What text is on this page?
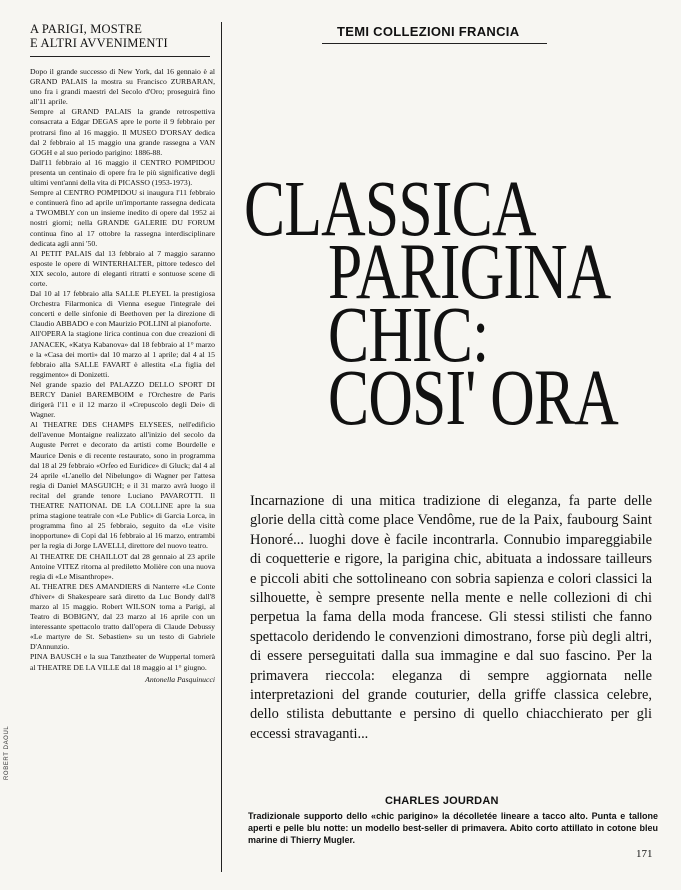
A PARIGI, MOSTRE
E ALTRI AVVENIMENTI

Dopo il grande successo di New York, dal 16 gennaio è al GRAND PALAIS la mostra su Francisco ZURBARAN, uno fra i grandi maestri del Secolo d'Oro; proseguirà fino all'11 aprile.

Sempre al GRAND PALAIS la grande retrospettiva consacrata a Edgar DEGAS apre le porte il 9 febbraio per protrarsi fino al 16 maggio. Il MUSEO D'ORSAY dedica dal 2 febbraio al 15 maggio una grande rassegna a VAN GOGH e al suo periodo parigino: 1886-88.

Dall'11 febbraio al 16 maggio il CENTRO POMPIDOU presenta un centinaio di opere fra le più significative degli ultimi vent'anni della vita di PICASSO (1953-1973).

Sempre al CENTRO POMPIDOU si inaugura l'11 febbraio e continuerà fino ad aprile un'importante rassegna dedicata a TWOMBLY con un insieme inedito di opere dal 1952 ai nostri giorni; nella GRANDE GALERIE DU FORUM continua fino al 17 ottobre la rassegna interdisciplinare dedicata agli anni '50.

Al PETIT PALAIS dal 13 febbraio al 7 maggio saranno esposte le opere di WINTERHALTER, pittore tedesco del XIX secolo, autore di eleganti ritratti e sontuose scene di corte.

Dal 10 al 17 febbraio alla SALLE PLEYEL la prestigiosa Orchestra Filarmonica di Vienna eseguе l'integrale dei concerti e delle sinfonie di Beethoven per la direzione di Claudio ABBADO e con Maurizio POLLINI al pianoforte.

All'OPERA la stagione lirica continua con due creazioni di JANACEK, «Katya Kabanova» dal 18 febbraio al 1° marzo e la «Casa dei morti» dal 10 marzo al 1 aprile; dal 4 al 15 febbraio alla SALLE FAVART è allestita «La figlia del reggimento» di Donizetti.

Nel grande spazio del PALAZZO DELLO SPORT DI BERCY Daniel BAREMBOIM e l'Orchestre de Paris dirigerà l'11 e il 12 marzo il «Crepuscolo degli Dei» di Wagner.

Al THEATRE DES CHAMPS ELYSEES, nell'edificio dell'avenue Montaigne realizzato all'inizio del secolo da Auguste Perret e decorato da artisti come Bourdelle e Maurice Denis e di recente restaurato, sono in programma dal 18 al 29 febbraio «Orfeo ed Euridice» di Gluck; dal 4 al 24 aprile «L'anello del Nibelungo» di Wagner per l'attesa regia di Daniel MASGUICH; e il 31 marzo avrà luogo il recital del grande tenore Luciano PAVAROTTI. Il THEATRE NATIONAL DE LA COLLINE apre la sua prima stagione teatrale con «Le Public» di Garcia Lorca, in programma fino al 25 febbraio, seguito da «Le visite inopportune» di Copi dal 16 febbraio al 16 marzo, entrambi per la regia di Jorge LAVELLI, direttore del nuovo teatro.

Al THEATRE DE CHAILLOT dal 28 gennaio al 23 aprile Antoine VITEZ ritorna al prediletto Molière con una nuova regia di «Le Misanthrope».

AL THEATRE DES AMANDIERS di Nanterre «Le Conte d'hiver» di Shakespeare sarà diretto da Luc Bondy dall'8 marzo al 15 maggio. Robert WILSON torna a Parigi, al Teatro di BOBIGNY, dal 23 marzo al 16 aprile con un interessante spettacolo tratto dall'opera di Claude Debussy «Le martyre de St. Sebastien» su un testo di Gabriele D'Annunzio.

PINA BAUSCH e la sua Tanztheater de Wuppertal tornerà al THEATRE DE LA VILLE dal 18 maggio al 1° giugno.

Antonella Pasquinucci
ROBERT DAOUL
TEMI COLLEZIONI FRANCIA
CLASSICA
PARIGINA
CHIC:
COSI' ORA

Incarnazione di una mitica tradizione di eleganza, fa parte delle glorie della città come place Vendôme, rue de la Paix, faubourg Saint Honoré... luoghi dove è facile incontrarla. Connubio impareggiabile di coquetterie e rigore, la parigina chic, abituata a indossare tailleurs e piccoli abiti che sottolineano con sobria sapienza e colori classici la silhouette, è sempre presente nella mente e nelle collezioni di chi perpetua la fama della moda francese. Gli stessi stilisti che fanno spettacolo deridendo le convenzioni dimostrano, forse più degli altri, di essere perseguitati dalla sua immagine e dal suo fascino. Per la primavera rieccola: eleganza di sempre aggiornata nelle interpretazioni del grande couturier, della griffe classica celebre, dello stilista debuttante e persino di quello chiacchierato per gli eccessi stravaganti...

CHARLES JOURDAN

Tradizionale supporto dello «chic parigino» la décolletée lineare a tacco alto. Punta e tallone aperti e pelle blu notte: un modello best-seller di primavera. Abito corto attillato in cotone bleu marine di Thierry Mugler.

171
